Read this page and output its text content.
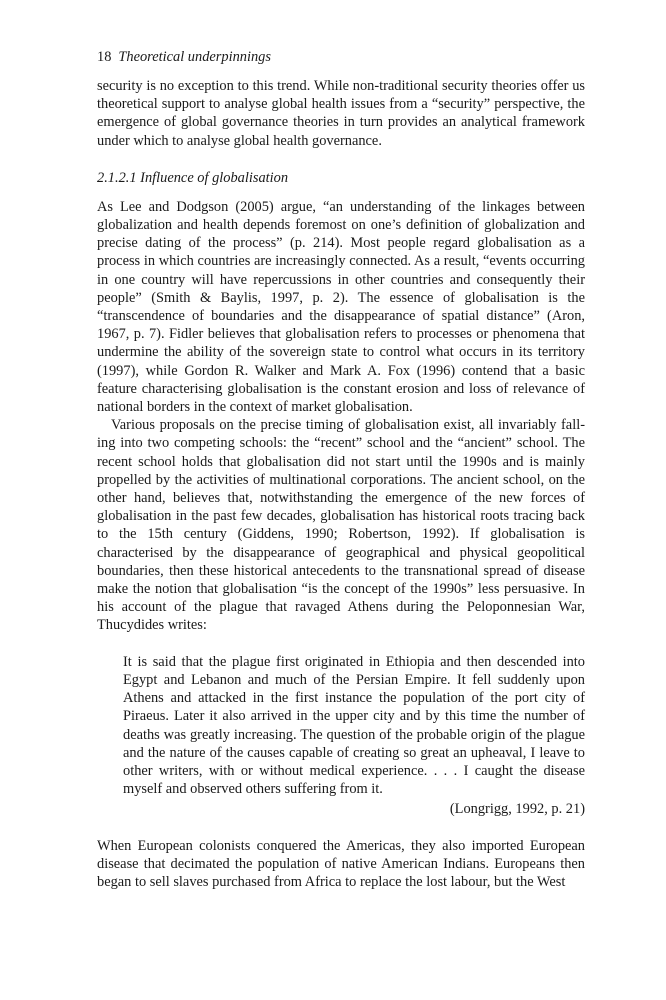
18 Theoretical underpinnings

security is no exception to this trend. While non-traditional security theories offer us theoretical support to analyse global health issues from a “security” perspective, the emergence of global governance theories in turn provides an analytical framework under which to analyse global health governance.

2.1.2.1 Influence of globalisation

As Lee and Dodgson (2005) argue, “an understanding of the linkages between globalization and health depends foremost on one’s definition of globalization and precise dating of the process” (p. 214). Most people regard globalisation as a process in which countries are increasingly connected. As a result, “events occurring in one country will have repercussions in other countries and consequently their people” (Smith & Baylis, 1997, p. 2). The essence of globalisation is the “transcendence of boundaries and the disappearance of spatial distance” (Aron, 1967, p. 7). Fidler believes that globalisation refers to processes or phenomena that undermine the ability of the sovereign state to control what occurs in its territory (1997), while Gordon R. Walker and Mark A. Fox (1996) contend that a basic feature characterising globalisation is the constant erosion and loss of relevance of national borders in the context of market globalisation.

Various proposals on the precise timing of globalisation exist, all invariably falling into two competing schools: the “recent” school and the “ancient” school. The recent school holds that globalisation did not start until the 1990s and is mainly propelled by the activities of multinational corporations. The ancient school, on the other hand, believes that, notwithstanding the emergence of the new forces of globalisation in the past few decades, globalisation has historical roots tracing back to the 15th century (Giddens, 1990; Robertson, 1992). If globalisation is characterised by the disappearance of geographical and physical geopolitical boundaries, then these historical antecedents to the transnational spread of disease make the notion that globalisation “is the concept of the 1990s” less persuasive. In his account of the plague that ravaged Athens during the Peloponnesian War, Thucydides writes:

It is said that the plague first originated in Ethiopia and then descended into Egypt and Lebanon and much of the Persian Empire. It fell suddenly upon Athens and attacked in the first instance the population of the port city of Piraeus. Later it also arrived in the upper city and by this time the number of deaths was greatly increasing. The question of the probable origin of the plague and the nature of the causes capable of creating so great an upheaval, I leave to other writers, with or without medical experience. . . . I caught the disease myself and observed others suffering from it.

(Longrigg, 1992, p. 21)

When European colonists conquered the Americas, they also imported European disease that decimated the population of native American Indians. Europeans then began to sell slaves purchased from Africa to replace the lost labour, but the West
